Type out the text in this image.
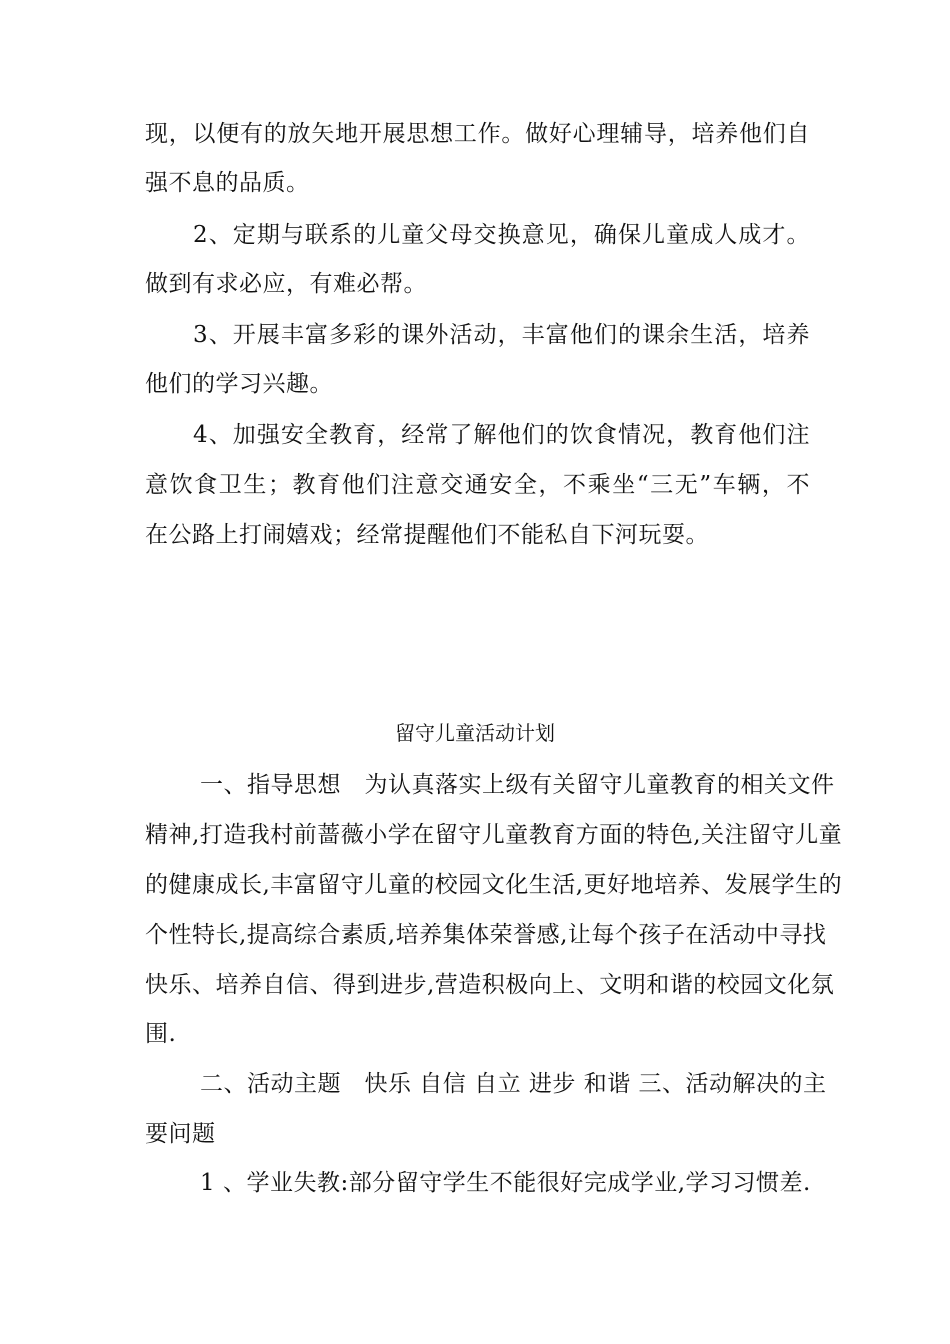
现，以便有的放矢地开展思想工作。做好心理辅导，培养他们自
强不息的品质。
2、定期与联系的儿童父母交换意见，确保儿童成人成才。
做到有求必应，有难必帮。
3、开展丰富多彩的课外活动，丰富他们的课余生活，培养
他们的学习兴趣。
4、加强安全教育，经常了解他们的饮食情况，教育他们注
意饮食卫生；教育他们注意交通安全，不乘坐“三无”车辆，不
在公路上打闹嬉戏；经常提醒他们不能私自下河玩耍。
留守儿童活动计划
一、指导思想　为认真落实上级有关留守儿童教育的相关文件
精神,打造我村前蔷薇小学在留守儿童教育方面的特色,关注留守儿童
的健康成长,丰富留守儿童的校园文化生活,更好地培养、发展学生的
个性特长,提高综合素质,培养集体荣誉感,让每个孩子在活动中寻找
快乐、培养自信、得到进步,营造积极向上、文明和谐的校园文化氛
围.
二、活动主题　快乐 自信 自立 进步 和谐 三、活动解决的主
要问题
1 、学业失教:部分留守学生不能很好完成学业,学习习惯差.
